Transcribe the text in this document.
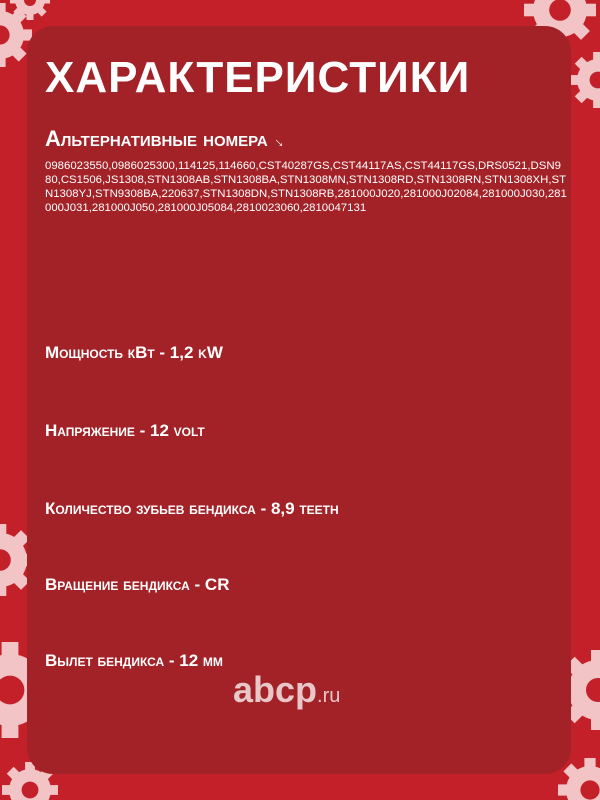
ХАРАКТЕРИСТИКИ
Альтернативные номера →

0986023550,0986025300,114125,114660,CST40287GS,CST44117AS,CST44117GS,DRS0521,DSN980,CS1506,JS1308,STN1308AB,STN1308BA,STN1308MN,STN1308RD,STN1308RN,STN1308XH,STN1308YJ,STN9308BA,220637,STN1308DN,STN1308RB,281000J020,281000J02084,281000J030,281000J031,281000J050,281000J05084,2810023060,2810047131

Мощность кВт - 1,2 kW

Напряжение - 12 volt

Количество зубьев бендикса - 8,9 teeth

Вращение бендикса - CR

Вылет бендикса - 12 мм

abcp.ru
